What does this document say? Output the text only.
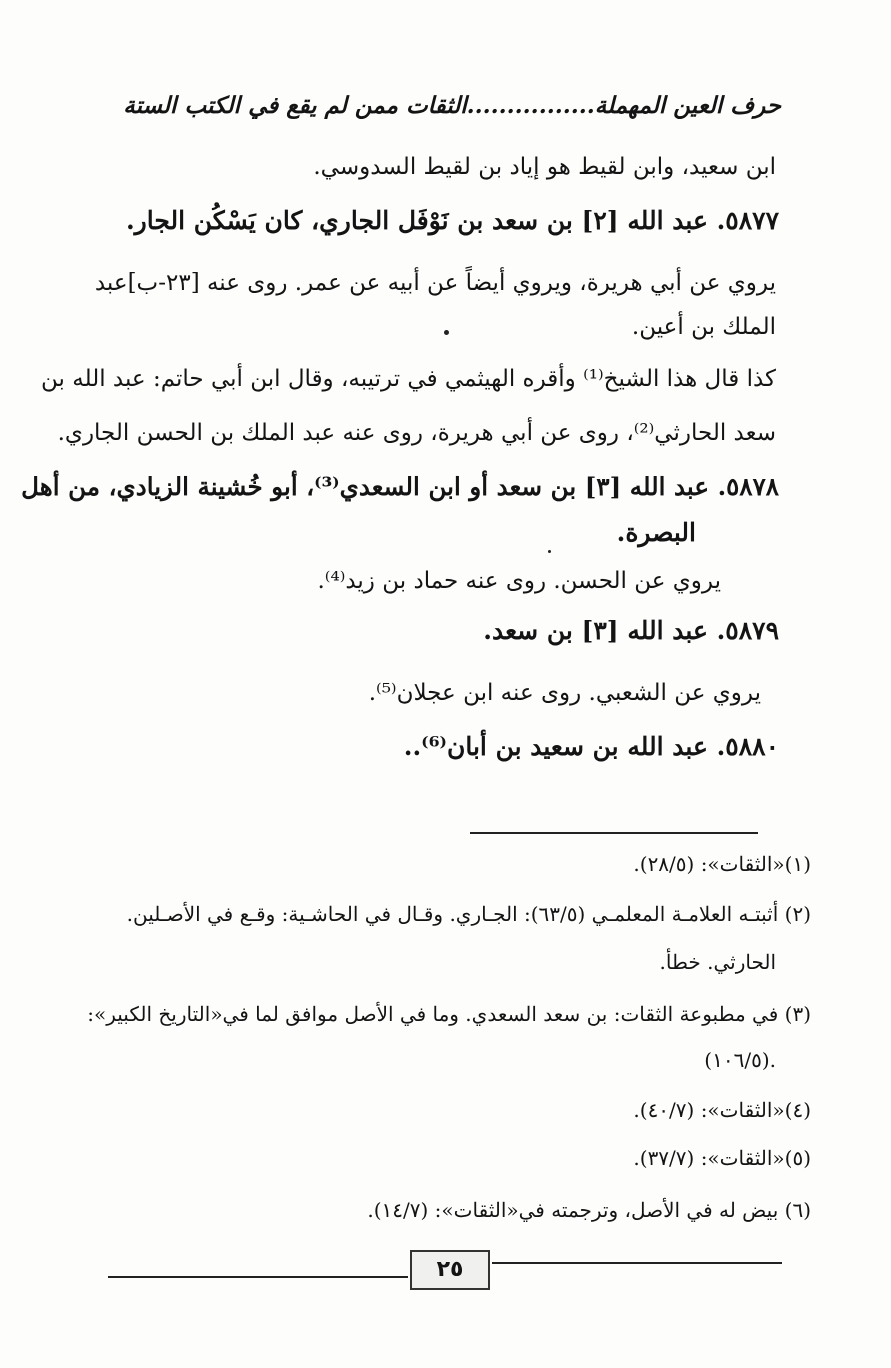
حرف العين المهملة................الثقات ممن لم يقع في الكتب الستة
ابن سعيد، وابن لقيط هو إياد بن لقيط السدوسي.
٥٨٧٧. عبد الله [٢] بن سعد بن نَوْفَل الجاري، كان يَسْكُن الجار.
يروي عن أبي هريرة، ويروي أيضاً عن أبيه عن عمر. روى عنه [٢٣-ب]عبد
الملك بن أعين.
كذا قال هذا الشيخ⁽¹⁾ وأقره الهيثمي في ترتيبه، وقال ابن أبي حاتم: عبد الله بن
سعد الحارثي⁽²⁾، روى عن أبي هريرة، روى عنه عبد الملك بن الحسن الجاري.
٥٨٧٨. عبد الله [٣] بن سعد أو ابن السعدي⁽³⁾، أبو خُشينة الزيادي، من أهل
البصرة.
يروي عن الحسن. روى عنه حماد بن زيد⁽⁴⁾.
٥٨٧٩. عبد الله [٣] بن سعد.
يروي عن الشعبي. روى عنه ابن عجلان⁽⁵⁾.
٥٨٨٠. عبد الله بن سعيد بن أبان⁽⁶⁾..
(١)«الثقات»: (٢٨/٥).
(٢) أثبتـه العلامـة المعلمـي (٦٣/٥): الجـاري. وقـال في الحاشـية: وقـع في الأصـلين.
الحارثي. خطأ.
(٣) في مطبوعة الثقات: بن سعد السعدي. وما في الأصل موافق لما في«التاريخ الكبير»:
(١٠٦/٥).
(٤)«الثقات»: (٤٠/٧).
(٥)«الثقات»: (٣٧/٧).
(٦) بيض له في الأصل، وترجمته في«الثقات»: (١٤/٧).
٢٥
